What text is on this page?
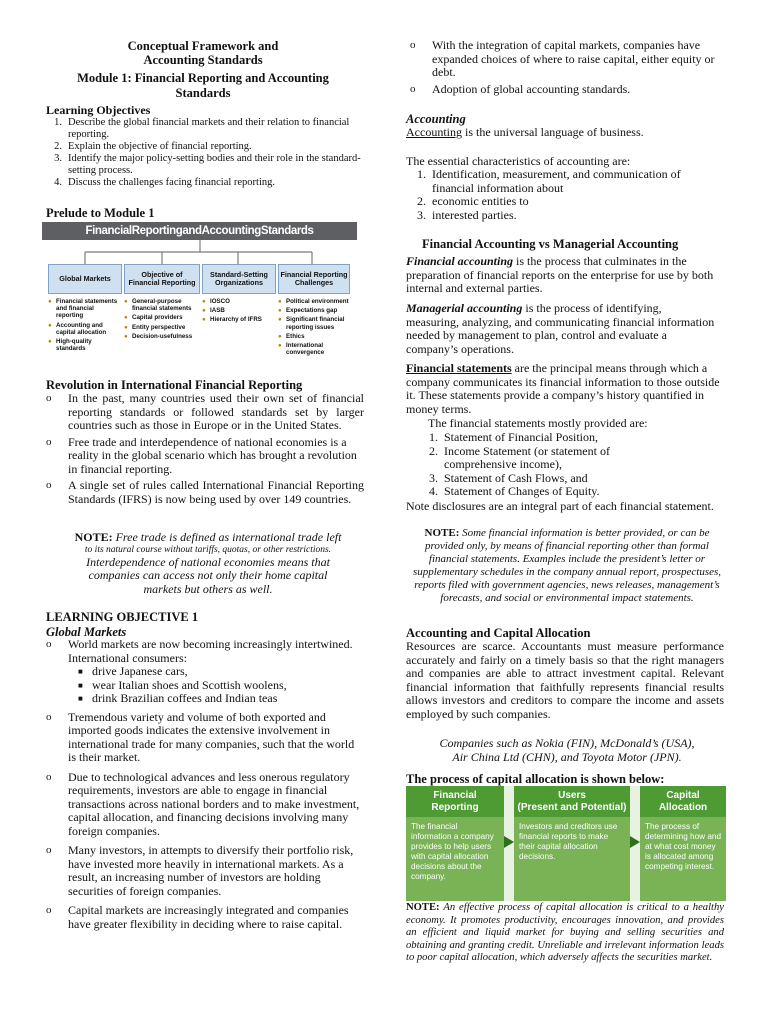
Conceptual Framework and
Accounting Standards
Module 1: Financial Reporting and Accounting
Standards
Learning Objectives
1. Describe the global financial markets and their relation to financial reporting.
2. Explain the objective of financial reporting.
3. Identify the major policy-setting bodies and their role in the standard-setting process.
4. Discuss the challenges facing financial reporting.
Prelude to Module 1
FinancialReportingandAccountingStandards
Global Markets	Objective of Financial Reporting
Standard-Setting Organizations
Financial Reporting Challenges
● Financial statements and financial reporting
● Accounting and capital allocation
● High-quality standards
● General-purpose financial statements
● Capital providers
● Entity perspective
● Decision-usefulness
● IOSCO
● IASB
● Hierarchy of IFRS
● Political environment
● Expectations gap
● Significant financial reporting issues
● Ethics
● International convergence
Revolution in International Financial Reporting
o	In the past, many countries used their own set of financial reporting standards or followed standards set by larger countries such as those in Europe or in the United States.
o	Free trade and interdependence of national economies is a reality in the global scenario which has brought a revolution in financial reporting.
o	A single set of rules called International Financial Reporting Standards (IFRS) is now being used by over 149 countries.
NOTE: Free trade is defined as international trade left
to its natural course without tariffs, quotas, or other restrictions.
Interdependence of national economies means that
companies can access not only their home capital
markets but others as well.
LEARNING OBJECTIVE 1
Global Markets
o	World markets are now becoming increasingly intertwined.
International consumers:
■ drive Japanese cars,
■ wear Italian shoes and Scottish woolens,
■ drink Brazilian coffees and Indian teas
o	Tremendous variety and volume of both exported and imported goods indicates the extensive involvement in international trade for many companies, such that the world is their market.
o	Due to technological advances and less onerous regulatory requirements, investors are able to engage in financial transactions across national borders and to make investment, capital allocation, and financing decisions involving many foreign companies.
o	Many investors, in attempts to diversify their portfolio risk, have invested more heavily in international markets. As a result, an increasing number of investors are holding securities of foreign companies.
o	Capital markets are increasingly integrated and companies have greater flexibility in deciding where to raise capital.
o	With the integration of capital markets, companies have expanded choices of where to raise capital, either equity or debt.
o	Adoption of global accounting standards.
Accounting
Accounting is the universal language of business.
The essential characteristics of accounting are:
1. Identification, measurement, and communication of financial information about
2. economic entities to
3. interested parties.
Financial Accounting vs Managerial Accounting
Financial accounting is the process that culminates in the preparation of financial reports on the enterprise for use by both internal and external parties.
Managerial accounting is the process of identifying, measuring, analyzing, and communicating financial information needed by management to plan, control and evaluate a company’s operations.
Financial statements are the principal means through which a company communicates its financial information to those outside it. These statements provide a company’s history quantified in money terms.
The financial statements mostly provided are:
1. Statement of Financial Position,
2. Income Statement (or statement of comprehensive income),
3. Statement of Cash Flows, and
4. Statement of Changes of Equity.
Note disclosures are an integral part of each financial statement.
NOTE: Some financial information is better provided, or can be provided only, by means of financial reporting other than formal financial statements. Examples include the president’s letter or supplementary schedules in the company annual report, prospectuses, reports filed with government agencies, news releases, management’s forecasts, and social or environmental impact statements.
Accounting and Capital Allocation
Resources are scarce. Accountants must measure performance accurately and fairly on a timely basis so that the right managers and companies are able to attract investment capital. Relevant financial information that faithfully represents financial results allows investors and creditors to compare the income and assets employed by such companies.
Companies such as Nokia (FIN), McDonald’s (USA),
Air China Ltd (CHN), and Toyota Motor (JPN).
The process of capital allocation is shown below:
Financial
Reporting
The financial information a company provides to help users with capital allocation decisions about the company.
Users
(Present and Potential)
Investors and creditors use financial reports to make their capital allocation decisions.
Capital
Allocation
The process of determining how and at what cost money is allocated among competing interest.
NOTE: An effective process of capital allocation is critical to a healthy economy. It promotes productivity, encourages innovation, and provides an efficient and liquid market for buying and selling securities and obtaining and granting credit. Unreliable and irrelevant information leads to poor capital allocation, which adversely affects the securities market.
